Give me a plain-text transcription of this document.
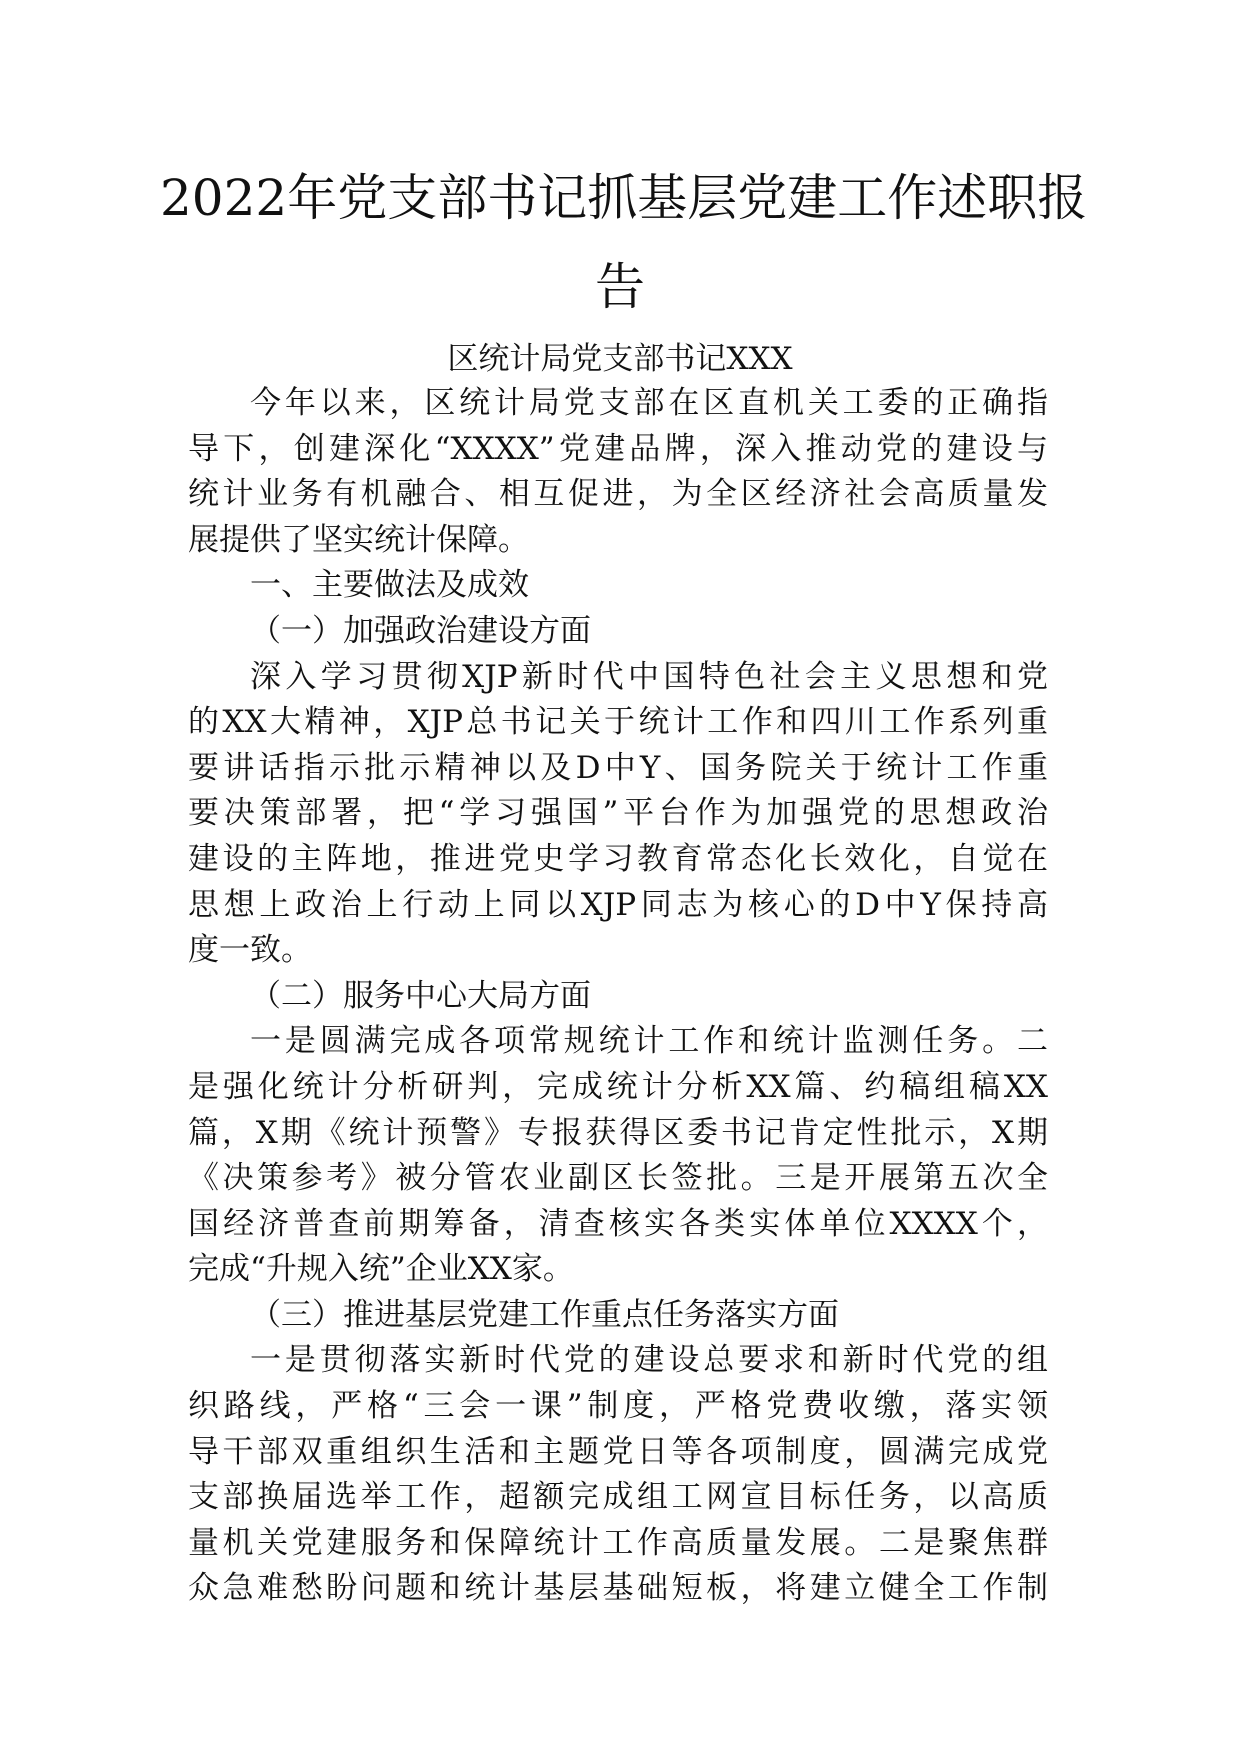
2022年党支部书记抓基层党建工作述职报
告
区统计局党支部书记XXX
今年以来，区统计局党支部在区直机关工委的正确指
导下，创建深化“XXXX”党建品牌，深入推动党的建设与
统计业务有机融合、相互促进，为全区经济社会高质量发
展提供了坚实统计保障。
一、主要做法及成效
（一）加强政治建设方面
深入学习贯彻XJP新时代中国特色社会主义思想和党
的XX大精神，XJP总书记关于统计工作和四川工作系列重
要讲话指示批示精神以及D中Y、国务院关于统计工作重
要决策部署，把“学习强国”平台作为加强党的思想政治
建设的主阵地，推进党史学习教育常态化长效化，自觉在
思想上政治上行动上同以XJP同志为核心的D中Y保持高
度一致。
（二）服务中心大局方面
一是圆满完成各项常规统计工作和统计监测任务。二
是强化统计分析研判，完成统计分析XX篇、约稿组稿XX
篇，X期《统计预警》专报获得区委书记肯定性批示，X期
《决策参考》被分管农业副区长签批。三是开展第五次全
国经济普查前期筹备，清查核实各类实体单位XXXX个，
完成“升规入统”企业XX家。
（三）推进基层党建工作重点任务落实方面
一是贯彻落实新时代党的建设总要求和新时代党的组
织路线，严格“三会一课”制度，严格党费收缴，落实领
导干部双重组织生活和主题党日等各项制度，圆满完成党
支部换届选举工作，超额完成组工网宣目标任务，以高质
量机关党建服务和保障统计工作高质量发展。二是聚焦群
众急难愁盼问题和统计基层基础短板，将建立健全工作制
